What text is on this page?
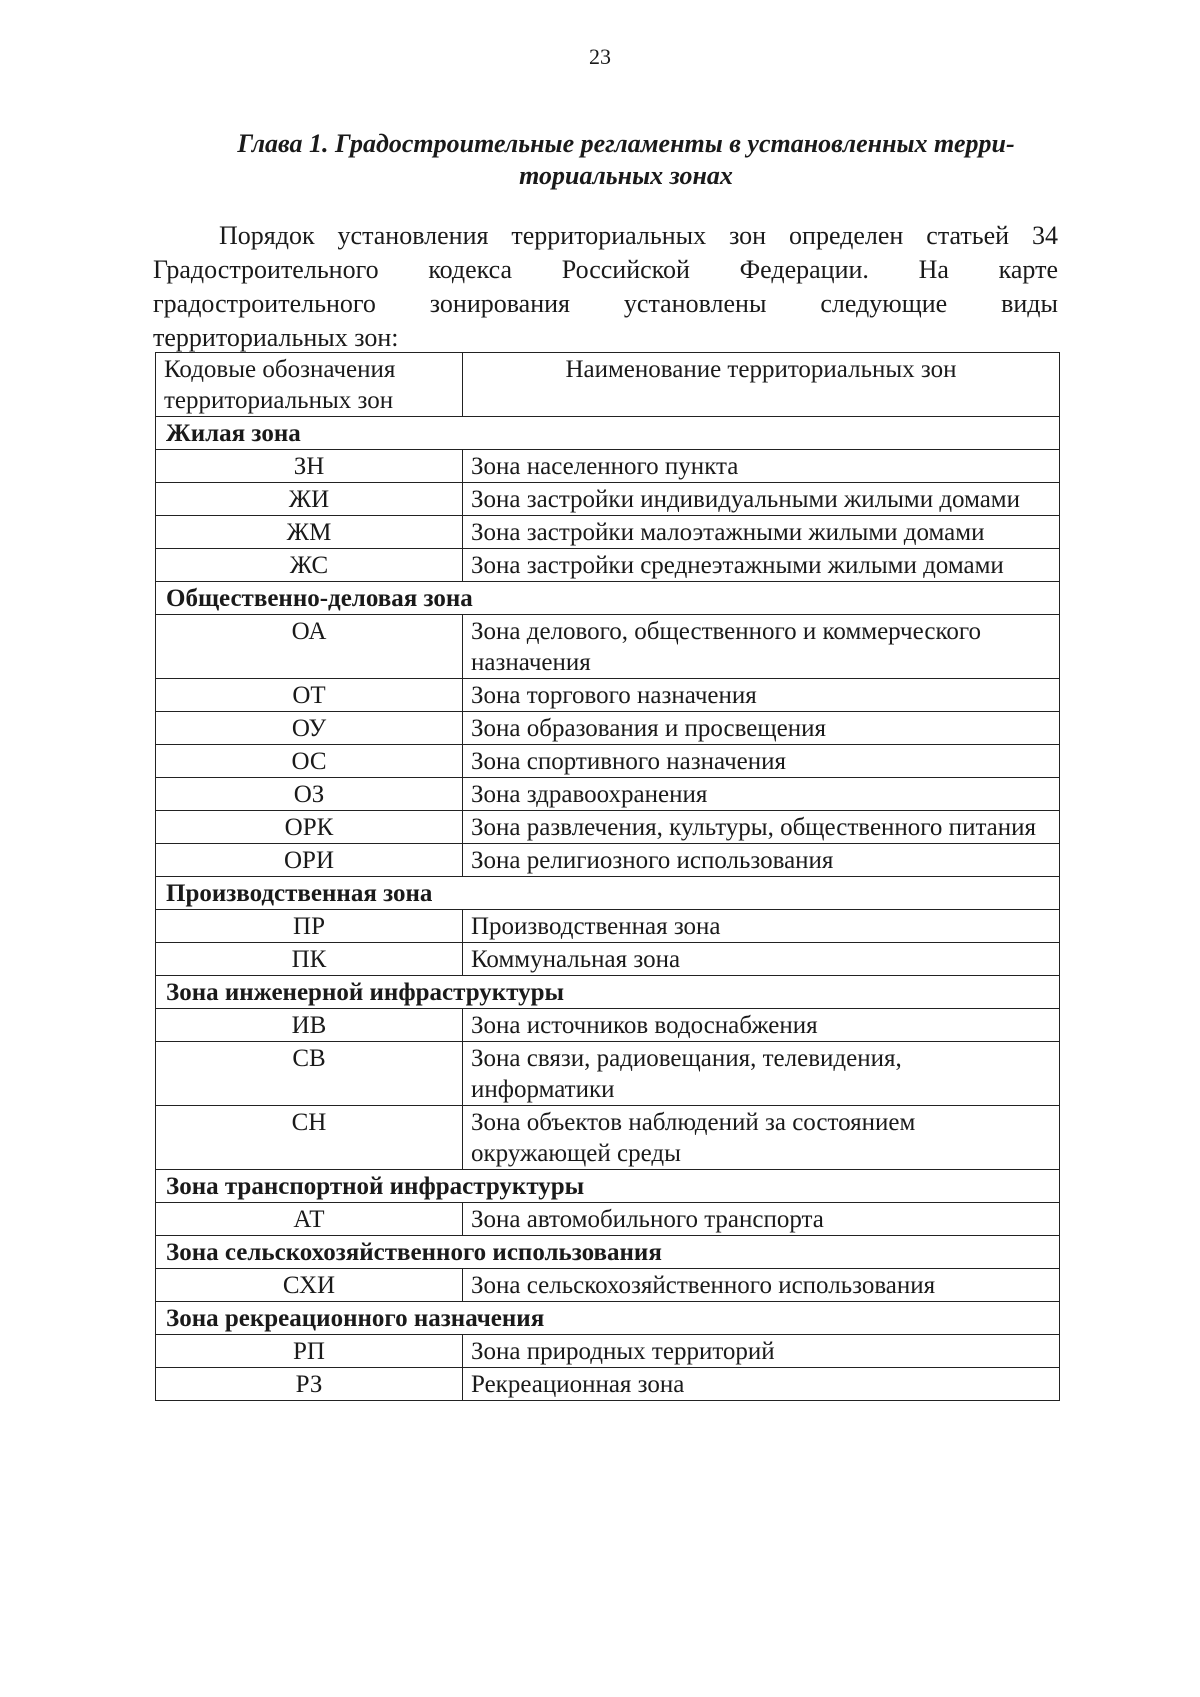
23
Глава 1. Градостроительные регламенты в установленных терри-
ториальных зонах

Порядок установления территориальных зон определен статьей 34 Градостроительного кодекса Российской Федерации. На карте градостроительного зонирования установлены следующие виды территориальных зон:

Кодовые обозначения территориальных зон	Наименование территориальных зон
Жилая зона	
ЗН	Зона населенного пункта
ЖИ	Зона застройки индивидуальными жилыми домами
ЖМ	Зона застройки малоэтажными жилыми домами
ЖС	Зона застройки среднеэтажными жилыми домами
Общественно-деловая зона	
ОА	Зона делового, общественного и коммерческого назначения
ОТ	Зона торгового назначения
ОУ	Зона образования и просвещения
ОС	Зона спортивного назначения
ОЗ	Зона здравоохранения
ОРК	Зона развлечения, культуры, общественного питания
ОРИ	Зона религиозного использования
Производственная зона	
ПР	Производственная зона
ПК	Коммунальная зона
Зона инженерной инфраструктуры	
ИВ	Зона источников водоснабжения
СВ	Зона связи, радиовещания, телевидения, информатики
СН	Зона объектов наблюдений за состоянием окружающей среды
Зона транспортной инфраструктуры	
АТ	Зона автомобильного транспорта
Зона сельскохозяйственного использования	
СХИ	Зона сельскохозяйственного использования
Зона рекреационного назначения	
РП	Зона природных территорий
РЗ	Рекреационная зона
